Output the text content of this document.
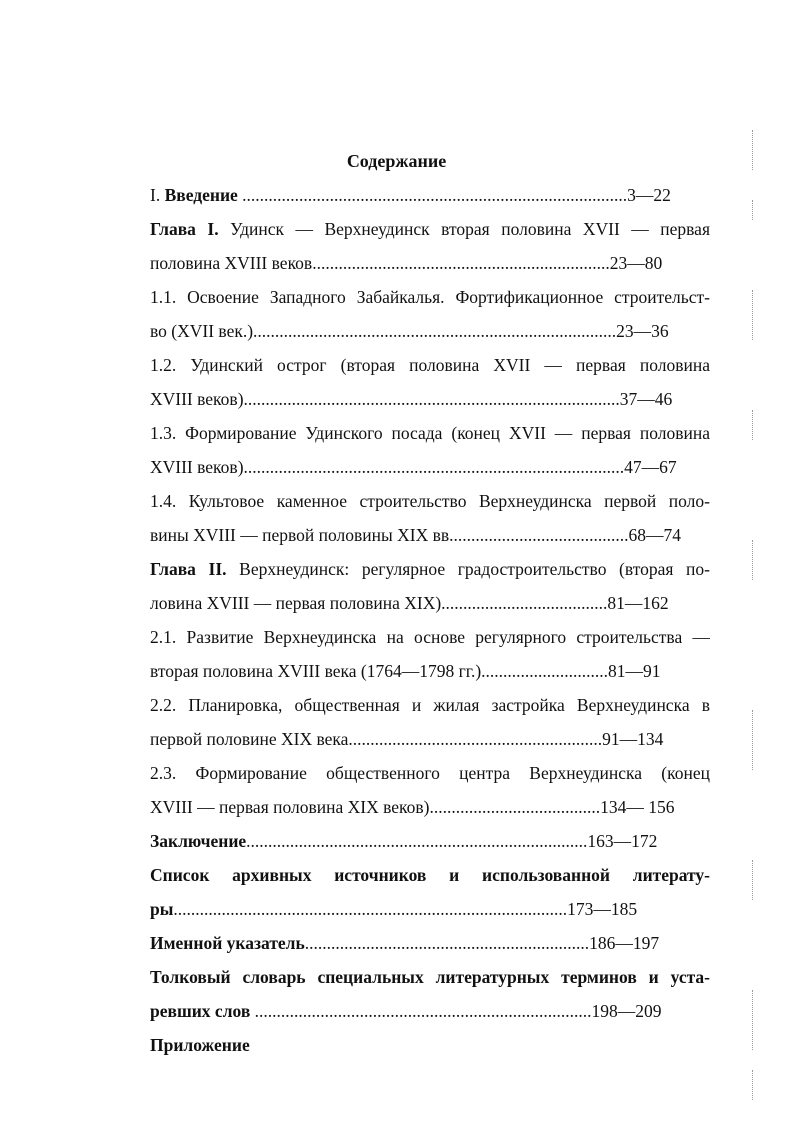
Содержание
I. Введение ........................................................................................3—22
Глава I. Удинск — Верхнеудинск вторая половина XVII — первая
половина XVIII веков....................................................................23—80
1.1. Освоение Западного Забайкалья. Фортификационное строительст-
во (XVII век.)...................................................................................23—36
1.2. Удинский острог (вторая половина XVII — первая половина
XVIII веков)......................................................................................37—46
1.3. Формирование Удинского посада (конец XVII — первая половина
XVIII веков).......................................................................................47—67
1.4. Культовое каменное строительство Верхнеудинска первой поло-
вины XVIII — первой половины XIX вв.........................................68—74
Глава II. Верхнеудинск: регулярное градостроительство (вторая по-
ловина XVIII — первая половина XIX)......................................81—162
2.1. Развитие Верхнеудинска на основе регулярного строительства —
вторая половина XVIII века (1764—1798 гг.).............................81—91
2.2. Планировка, общественная и жилая застройка Верхнеудинска в
первой половине XIX века..........................................................91—134
2.3. Формирование общественного центра Верхнеудинска (конец
XVIII — первая половина XIX веков).......................................134— 156
Заключение..............................................................................163—172
Список архивных источников и использованной литерату-
ры..........................................................................................173—185
Именной указатель.................................................................186—197
Толковый словарь специальных литературных терминов и уста-
ревших слов .............................................................................198—209
Приложение
